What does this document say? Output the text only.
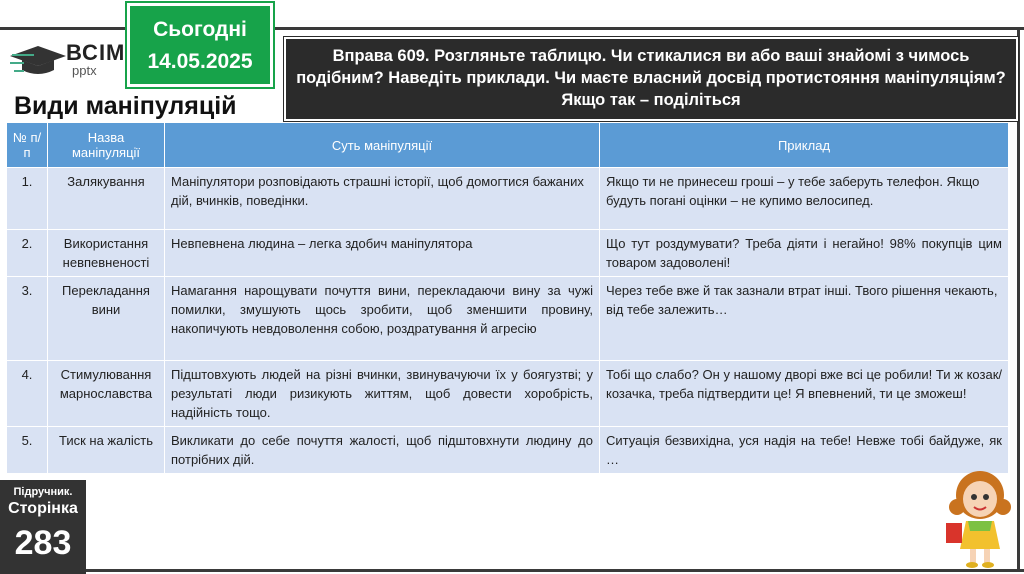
ВСІМ
pptx
Сьогодні
14.05.2025
Види маніпуляцій
Вправа 609. Розгляньте таблицю. Чи стикалися ви або ваші знайомі з чимось подібним? Наведіть приклади. Чи маєте власний досвід протистояння маніпуляціям? Якщо так – поділіться
№ п/п	Назва маніпуляції	Суть маніпуляції	Приклад
1.	Залякування	Маніпулятори розповідають страшні історії, щоб домогтися бажаних дій, вчинків, поведінки.	Якщо ти не принесеш гроші – у тебе заберуть телефон. Якщо будуть погані оцінки – не купимо велосипед.
2.	Використання невпевненості	Невпевнена людина – легка здобич маніпулятора	Що тут роздумувати? Треба діяти і негайно! 98% покупців цим товаром задоволені!
3.	Перекладання вини	Намагання нарощувати почуття вини, перекладаючи вину за чужі помилки, змушують щось зробити, щоб зменшити провину, накопичують невдоволення собою, роздратування й агресію	Через тебе вже й так зазнали втрат інші. Твого рішення чекають, від тебе залежить…
4.	Стимулювання марнославства	Підштовхують людей на різні вчинки, звинувачуючи їх у боягузтві; у результаті люди ризикують життям, щоб довести хоробрість, надійність тощо.	Тобі що слабо? Он у нашому дворі вже всі це робили! Ти ж козак/козачка, треба підтвердити це! Я впевнений, ти це зможеш!
5.	Тиск на жалість	Викликати до себе почуття жалості, щоб підштовхнути людину до потрібних дій.	Ситуація безвихідна, уся надія на тебе! Невже тобі байдуже, як …
Підручник.
Сторінка
283
